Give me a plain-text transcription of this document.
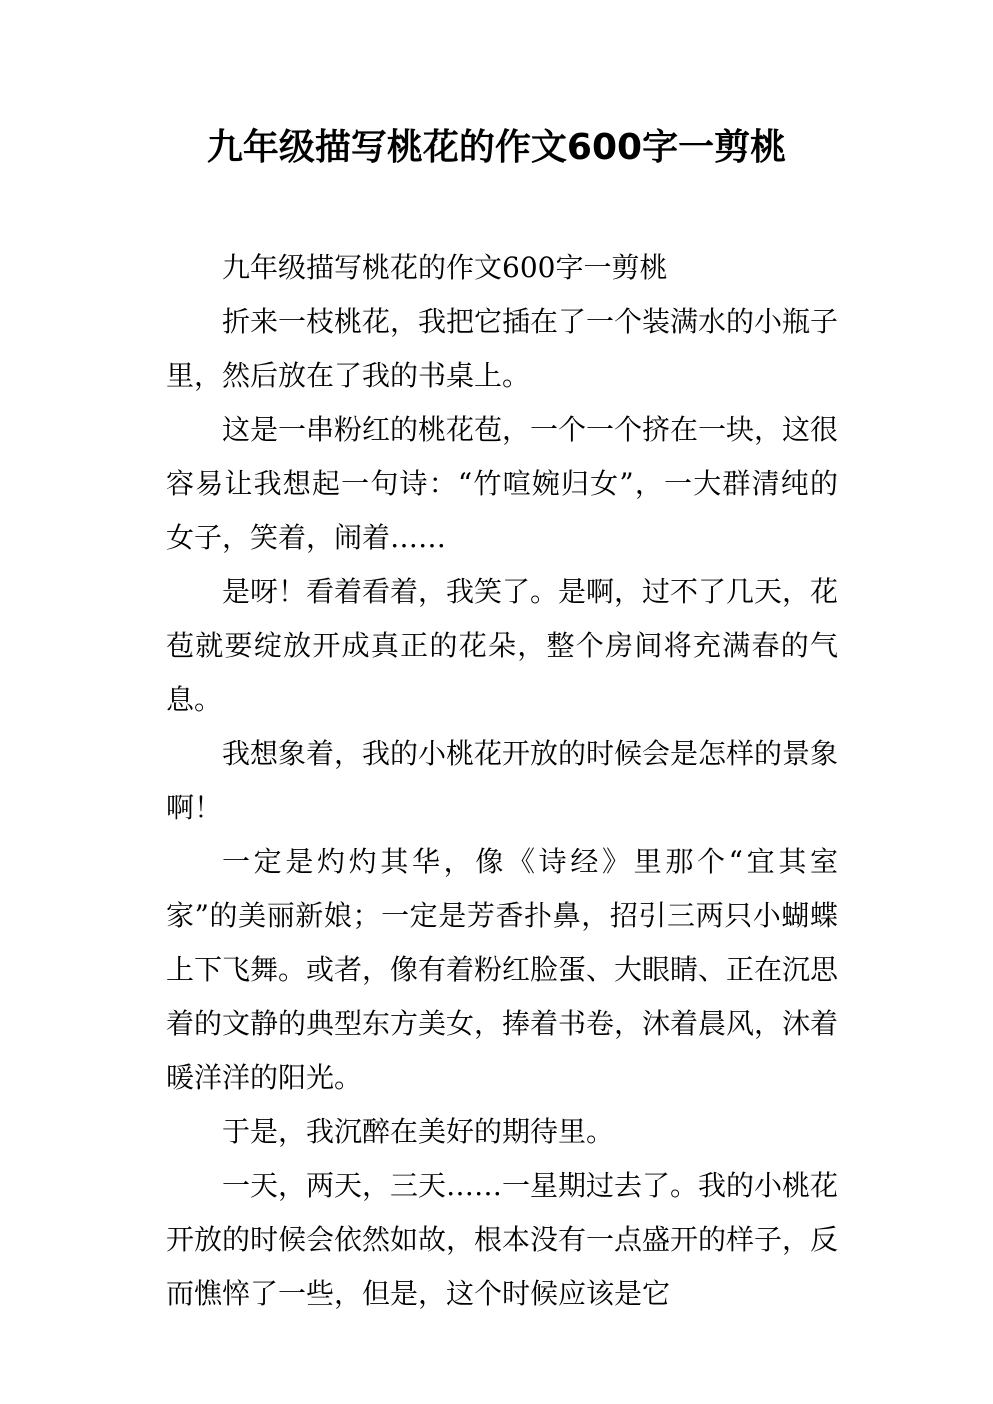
九年级描写桃花的作文600字一剪桃

九年级描写桃花的作文600字一剪桃

折来一枝桃花，我把它插在了一个装满水的小瓶子里，然后放在了我的书桌上。

这是一串粉红的桃花苞，一个一个挤在一块，这很容易让我想起一句诗：“竹喧婉归女”，一大群清纯的女子，笑着，闹着……

是呀！看着看着，我笑了。是啊，过不了几天，花苞就要绽放开成真正的花朵，整个房间将充满春的气息。

我想象着，我的小桃花开放的时候会是怎样的景象啊！

一定是灼灼其华，像《诗经》里那个“宜其室家”的美丽新娘；一定是芳香扑鼻，招引三两只小蝴蝶上下飞舞。或者，像有着粉红脸蛋、大眼睛、正在沉思着的文静的典型东方美女，捧着书卷，沐着晨风，沐着暖洋洋的阳光。

于是，我沉醉在美好的期待里。

一天，两天，三天……一星期过去了。我的小桃花开放的时候会依然如故，根本没有一点盛开的样子，反而憔悴了一些，但是，这个时候应该是它
